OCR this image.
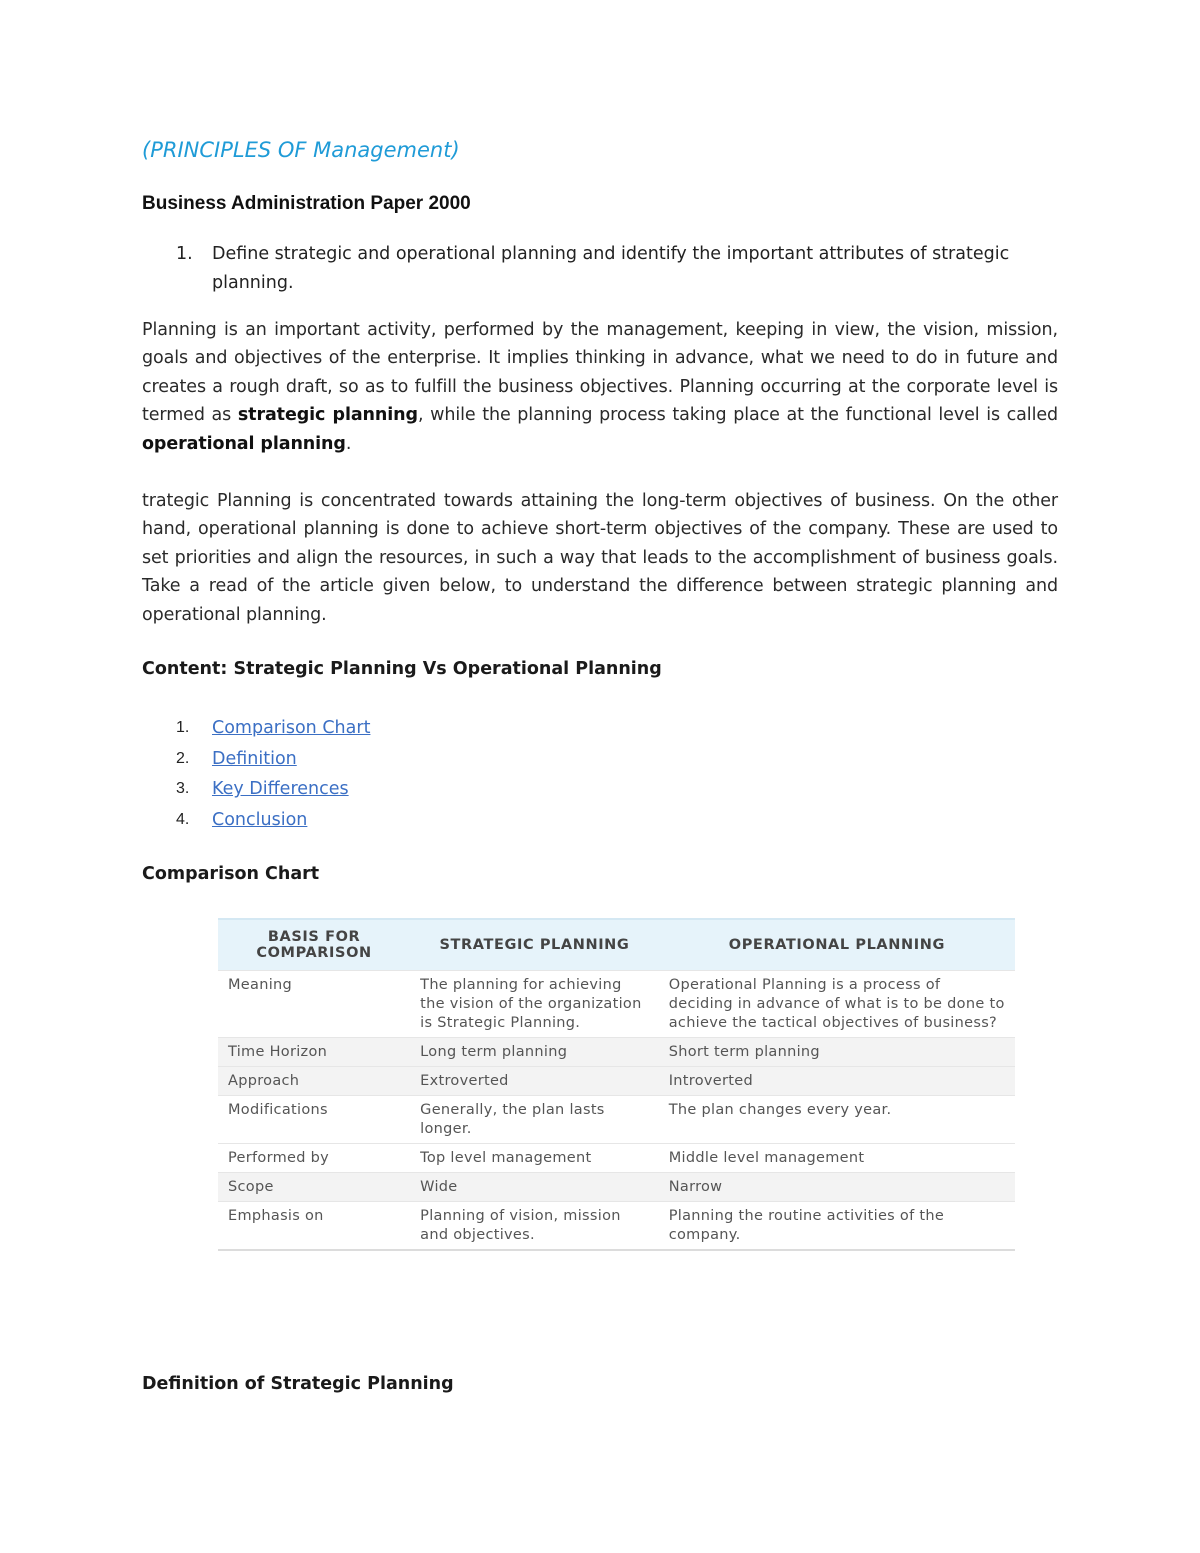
(PRINCIPLES OF Management)
Business Administration Paper 2000
1.	Define strategic and operational planning and identify the important attributes of strategic planning.

Planning is an important activity, performed by the management, keeping in view, the vision, mission, goals and objectives of the enterprise. It implies thinking in advance, what we need to do in future and creates a rough draft, so as to fulfill the business objectives. Planning occurring at the corporate level is termed as strategic planning, while the planning process taking place at the functional level is called operational planning.

trategic Planning is concentrated towards attaining the long-term objectives of business. On the other hand, operational planning is done to achieve short-term objectives of the company. These are used to set priorities and align the resources, in such a way that leads to the accomplishment of business goals. Take a read of the article given below, to understand the difference between strategic planning and operational planning.

Content: Strategic Planning Vs Operational Planning
1.	Comparison Chart
2.	Definition
3.	Key Differences
4.	Conclusion
Comparison Chart
BASIS FOR COMPARISON	STRATEGIC PLANNING	OPERATIONAL PLANNING
Meaning	The planning for achieving the vision of the organization is Strategic Planning.	Operational Planning is a process of deciding in advance of what is to be done to achieve the tactical objectives of business?
Time Horizon	Long term planning	Short term planning
Approach	Extroverted	Introverted
Modifications	Generally, the plan lasts longer.	The plan changes every year.
Performed by	Top level management	Middle level management
Scope	Wide	Narrow
Emphasis on	Planning of vision, mission and objectives.	Planning the routine activities of the company.
Definition of Strategic Planning
